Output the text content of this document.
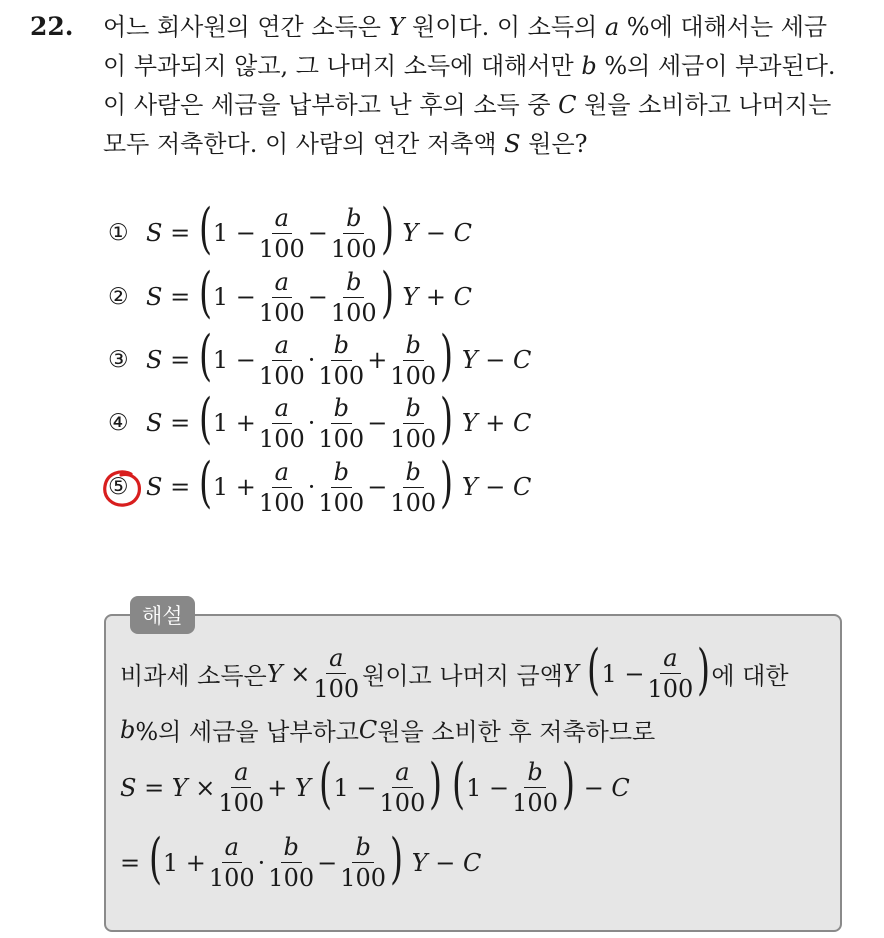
22. 어느 회사원의 연간 소득은 Y 원이다. 이 소득의 a %에 대해서는 세금
이 부과되지 않고, 그 나머지 소득에 대해서만 b %의 세금이 부과된다.
이 사람은 세금을 납부하고 난 후의 소득 중 C 원을 소비하고 나머지는
모두 저축한다. 이 사람의 연간 저축액 S 원은?
① S =
( $1 - \frac{a}{100} - \frac{b}{100}$ )
Y − C
② S =
( $1 - \frac{a}{100} - \frac{b}{100}$ )
Y + C
③ S =
( $1 - \frac{a}{100} \cdot \frac{b}{100} + \frac{b}{100}$ )
Y − C
④ S =
( $1 + \frac{a}{100} \cdot \frac{b}{100} - \frac{b}{100}$ )
Y + C
⑤ S =
( $1 + \frac{a}{100} \cdot \frac{b}{100} - \frac{b}{100}$ )
Y − C
해설
비과세 소득은 $Y \times \frac{a}{100}$ 원이고 나머지 금액 Y
( $1 - \frac{a}{100}$ ) 에 대한
b %의 세금을 납부하고 C 원을 소비한 후 저축하므로
$S = Y \times \frac{a}{100} + Y$
( $1 - \frac{a}{100}$ )
( $1 - \frac{b}{100}$ )
− C
=
( $1 + \frac{a}{100} \cdot \frac{b}{100} - \frac{b}{100}$ )
Y − C
